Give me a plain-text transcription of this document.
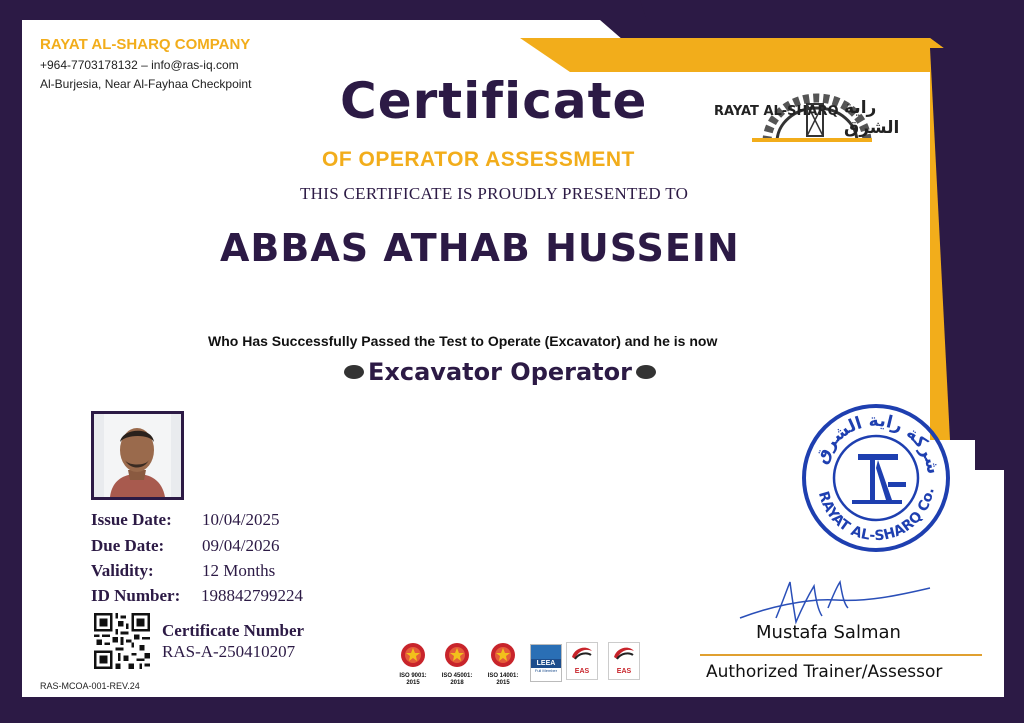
RAYAT AL-SHARQ COMPANY
+964-7703178132 – info@ras-iq.com
Al-Burjesia, Near Al-Fayhaa Checkpoint
RAYAT AL-SHARQ راية الشرق
Certificate
OF OPERATOR ASSESSMENT
THIS CERTIFICATE IS PROUDLY PRESENTED TO
ABBAS ATHAB HUSSEIN
Who Has Successfully Passed the Test to Operate (Excavator) and he is now
Excavator Operator
Issue Date: 10/04/2025
Due Date: 09/04/2026
Validity:	12 Months
ID Number: 198842799224
Certificate Number
RAS-A-250410207
RAS-MCOA-001-REV.24
ISO 9001:
2015
ISO 45001:
2018
ISO 14001:
2015
LEEA
Full Member	EAS	EAS
شركة راية الشرق
RAYAT AL-SHARQ Co.
Mustafa Salman
Authorized Trainer/Assessor
